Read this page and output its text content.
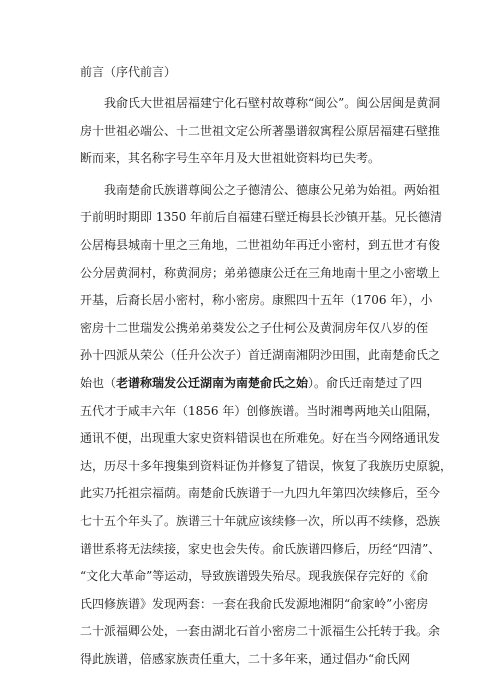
前言（序代前言）
我俞氏大世祖居福建宁化石壁村故尊称“闽公”。闽公居闽是黄洞
房十世祖必端公、十二世祖文定公所著墨谱叙寓程公原居福建石壁推
断而来，其名称字号生卒年月及大世祖妣资料均已失考。
我南楚俞氏族谱尊闽公之子德清公、德康公兄弟为始祖。两始祖
于前明时期即 1350 年前后自福建石壁迁梅县长沙镇开基。兄长德清
公居梅县城南十里之三角地，二世祖幼年再迁小密村，到五世才有俊
公分居黄洞村，称黄洞房；弟弟德康公迁在三角地南十里之小密墩上
开基，后裔长居小密村，称小密房。康熙四十五年（1706 年），小
密房十二世瑞发公携弟弟葵发公之子仕柯公及黄洞房年仅八岁的侄
孙十四派从荣公（任升公次子）首迁湖南湘阴沙田围，此南楚俞氏之
始也（老谱称瑞发公迁湖南为南楚俞氏之始）。俞氏迁南楚过了四
五代才于咸丰六年（1856 年）创修族谱。当时湘粤两地关山阻隔，
通讯不便，出现重大家史资料错误也在所难免。好在当今网络通讯发
达，历尽十多年搜集到资料证伪并修复了错误，恢复了我族历史原貌，
此实乃托祖宗福荫。南楚俞氏族谱于一九四九年第四次续修后，至今
七十五个年头了。族谱三十年就应该续修一次，所以再不续修，恐族
谱世系将无法续接，家史也会失传。俞氏族谱四修后，历经“四清”、
“文化大革命”等运动，导致族谱毁失殆尽。现我族保存完好的《俞
氏四修族谱》发现两套：一套在我俞氏发源地湘阴“俞家岭”小密房
二十派福卿公处，一套由湖北石首小密房二十派福生公托转于我。余
得此族谱，倍感家族责任重大，二十多年来，通过倡办“俞氏网
